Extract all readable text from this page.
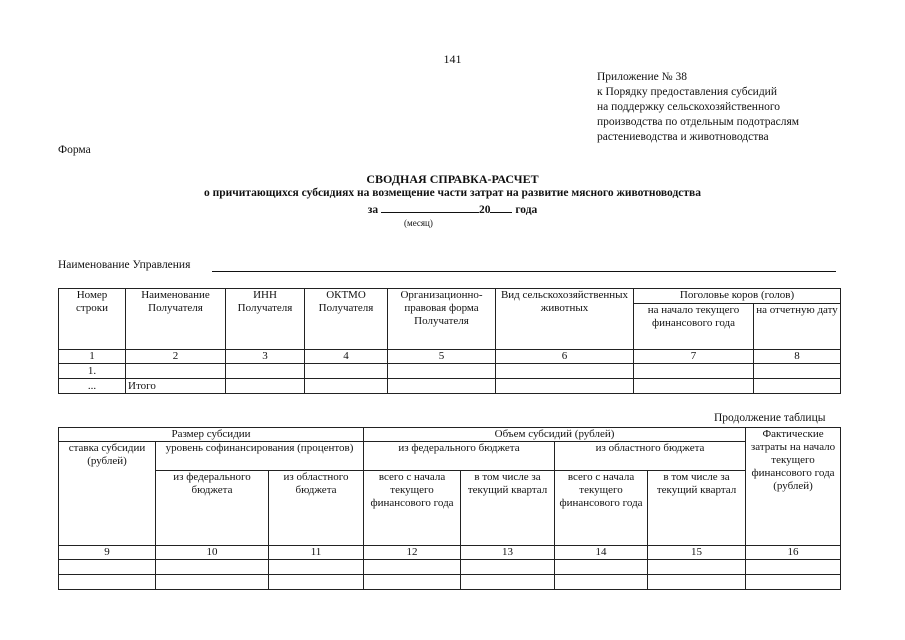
141
Приложение № 38
к Порядку предоставления субсидий
на поддержку сельскохозяйственного
производства по отдельным подотраслям
растениеводства и животноводства
Форма
СВОДНАЯ СПРАВКА-РАСЧЕТ
о причитающихся субсидиях на возмещение части затрат на развитие мясного животноводства
за	20 года
(месяц)
Наименование Управления
Номер строки	Наименование Получателя	ИНН Получателя	ОКТМО Получателя	Организационно-правовая форма Получателя	Вид сельскохозяйственных животных	Поголовье коров (голов)	
						на начало текущего финансового года	на отчетную дату
1	2	3	4	5	6	7	8
1.							
...	Итого						
Продолжение таблицы
Размер субсидии			Объем субсидий (рублей)				Фактические затраты на начало текущего финансового года (рублей)
ставка субсидии (рублей)	уровень софинансирования (процентов)		из федерального бюджета		из областного бюджета		
	из федерального бюджета	из областного бюджета	всего с начала текущего финансового года	в том числе за текущий квартал	всего с начала текущего финансового года	в том числе за текущий квартал	
9	10	11	12	13	14	15	16
